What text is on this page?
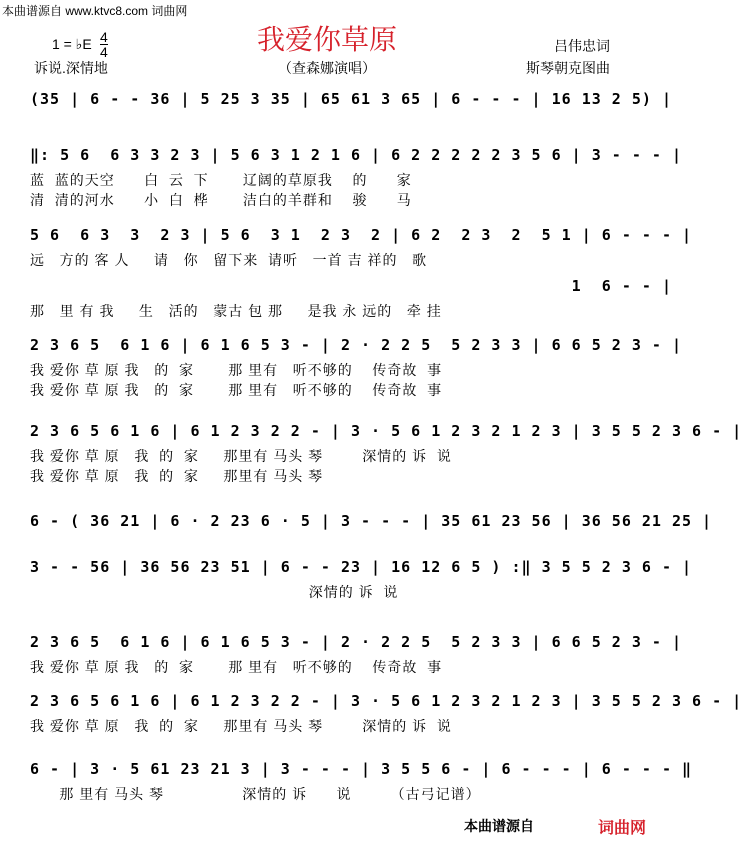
本曲谱源自 www.ktvc8.com 词曲网
我爱你草原
1 = ♭E 4
4
诉说.深情地	（查森娜演唱）
吕伟忠词
斯琴朝克图曲
(35 | 6 - - 36 | 5 25 3 35 | 65 61 3 65 | 6 - - - | 16 13 2 5) |
‖: 5 6  6 3 3 2 3 | 5 6 3 1 2 1 6 | 6 2 2 2 2 2 3 5 6 | 3 - - - |
蓝  蓝的天空      白  云  下       辽阔的草原我    的      家
清  清的河水      小  白  桦       洁白的羊群和    骏      马
5 6  6 3  3  2 3 | 5 6  3 1  2 3  2 | 6 2  2 3  2  5 1 | 6 - - - |
远   方的 客 人     请   你   留下来  请听   一首 吉 祥的   歌
1  6 - - |
那   里 有 我     生   活的   蒙古 包 那     是我 永 远的   牵 挂
2 3 6 5  6 1 6 | 6 1 6 5 3 - | 2 · 2 2 5  5 2 3 3 | 6 6 5 2 3 - |
我 爱你 草 原 我   的  家       那 里有   听不够的    传奇故  事
我 爱你 草 原 我   的  家       那 里有   听不够的    传奇故  事
2 3 6 5 6 1 6 | 6 1 2 3 2 2 - | 3 · 5 6 1 2 3 2 1 2 3 | 3 5 5 2 3 6 - |
我 爱你 草 原   我  的  家     那里有 马头 琴        深情的 诉  说
我 爱你 草 原   我  的  家     那里有 马头 琴
6 - ( 36 21 | 6 · 2 23 6 · 5 | 3 - - - | 35 61 23 56 | 36 56 21 25 |
3 - - 56 | 36 56 23 51 | 6 - - 23 | 16 12 6 5 ) :‖ 3 5 5 2 3 6 - |
深情的 诉  说
2 3 6 5  6 1 6 | 6 1 6 5 3 - | 2 · 2 2 5  5 2 3 3 | 6 6 5 2 3 - |
我 爱你 草 原 我   的  家       那 里有   听不够的    传奇故  事
2 3 6 5 6 1 6 | 6 1 2 3 2 2 - | 3 · 5 6 1 2 3 2 1 2 3 | 3 5 5 2 3 6 - |
我 爱你 草 原   我  的  家     那里有 马头 琴        深情的 诉  说
6 - | 3 · 5 61 23 21 3 | 3 - - - | 3 5 5 6 - | 6 - - - | 6 - - - ‖
那 里有 马头 琴                深情的 诉      说        （古弓记谱）
本曲谱源自	词曲网
